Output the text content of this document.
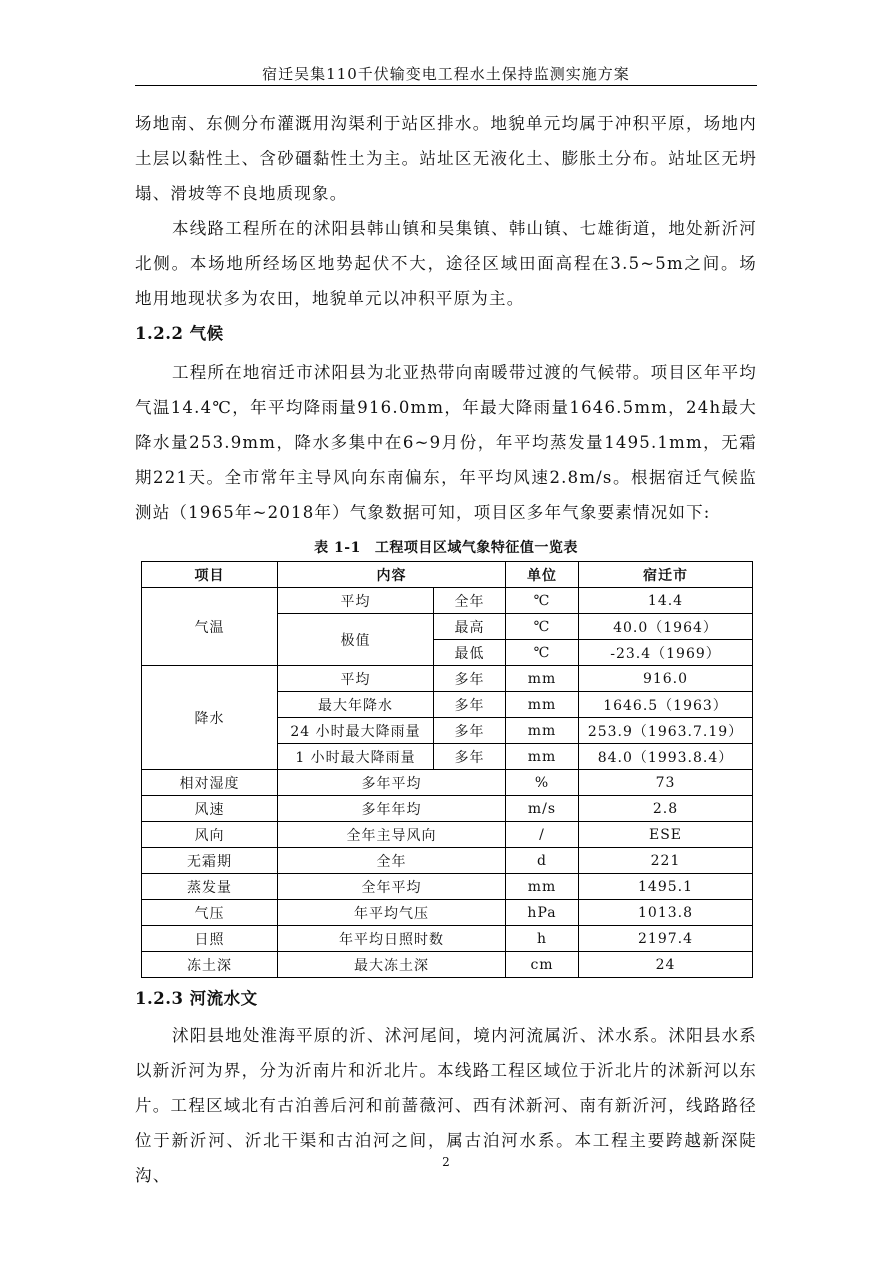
宿迁吴集110千伏输变电工程水土保持监测实施方案

场地南、东侧分布灌溉用沟渠利于站区排水。地貌单元均属于冲积平原，场地内土层以黏性土、含砂礓黏性土为主。站址区无液化土、膨胀土分布。站址区无坍塌、滑坡等不良地质现象。

本线路工程所在的沭阳县韩山镇和吴集镇、韩山镇、七雄街道，地处新沂河北侧。本场地所经场区地势起伏不大，途径区域田面高程在3.5~5m之间。场地用地现状多为农田，地貌单元以冲积平原为主。

1.2.2 气候

工程所在地宿迁市沭阳县为北亚热带向南暖带过渡的气候带。项目区年平均气温14.4℃，年平均降雨量916.0mm，年最大降雨量1646.5mm，24h最大降水量253.9mm，降水多集中在6~9月份，年平均蒸发量1495.1mm，无霜期221天。全市常年主导风向东南偏东，年平均风速2.8m/s。根据宿迁气候监测站（1965年~2018年）气象数据可知，项目区多年气象要素情况如下:

表 1-1 工程项目区域气象特征值一览表
项目	内容		单位	宿迁市
气温	平均	全年	℃	14.4
	极值	最高	℃	40.0（1964）
		最低	℃	-23.4（1969）
降水	平均	多年	mm	916.0
	最大年降水	多年	mm	1646.5（1963）
	24 小时最大降雨量	多年	mm	253.9（1963.7.19）
	1 小时最大降雨量	多年	mm	84.0（1993.8.4）
相对湿度	多年平均		%	73
风速	多年年均		m/s	2.8
风向	全年主导风向		/	ESE
无霜期	全年		d	221
蒸发量	全年平均		mm	1495.1
气压	年平均气压		hPa	1013.8
日照	年平均日照时数		h	2197.4
冻土深	最大冻土深		cm	24
1.2.3 河流水文

沭阳县地处淮海平原的沂、沭河尾间，境内河流属沂、沭水系。沭阳县水系以新沂河为界，分为沂南片和沂北片。本线路工程区域位于沂北片的沭新河以东片。工程区域北有古泊善后河和前蔷薇河、西有沭新河、南有新沂河，线路路径位于新沂河、沂北干渠和古泊河之间，属古泊河水系。本工程主要跨越新深陡沟、

2
